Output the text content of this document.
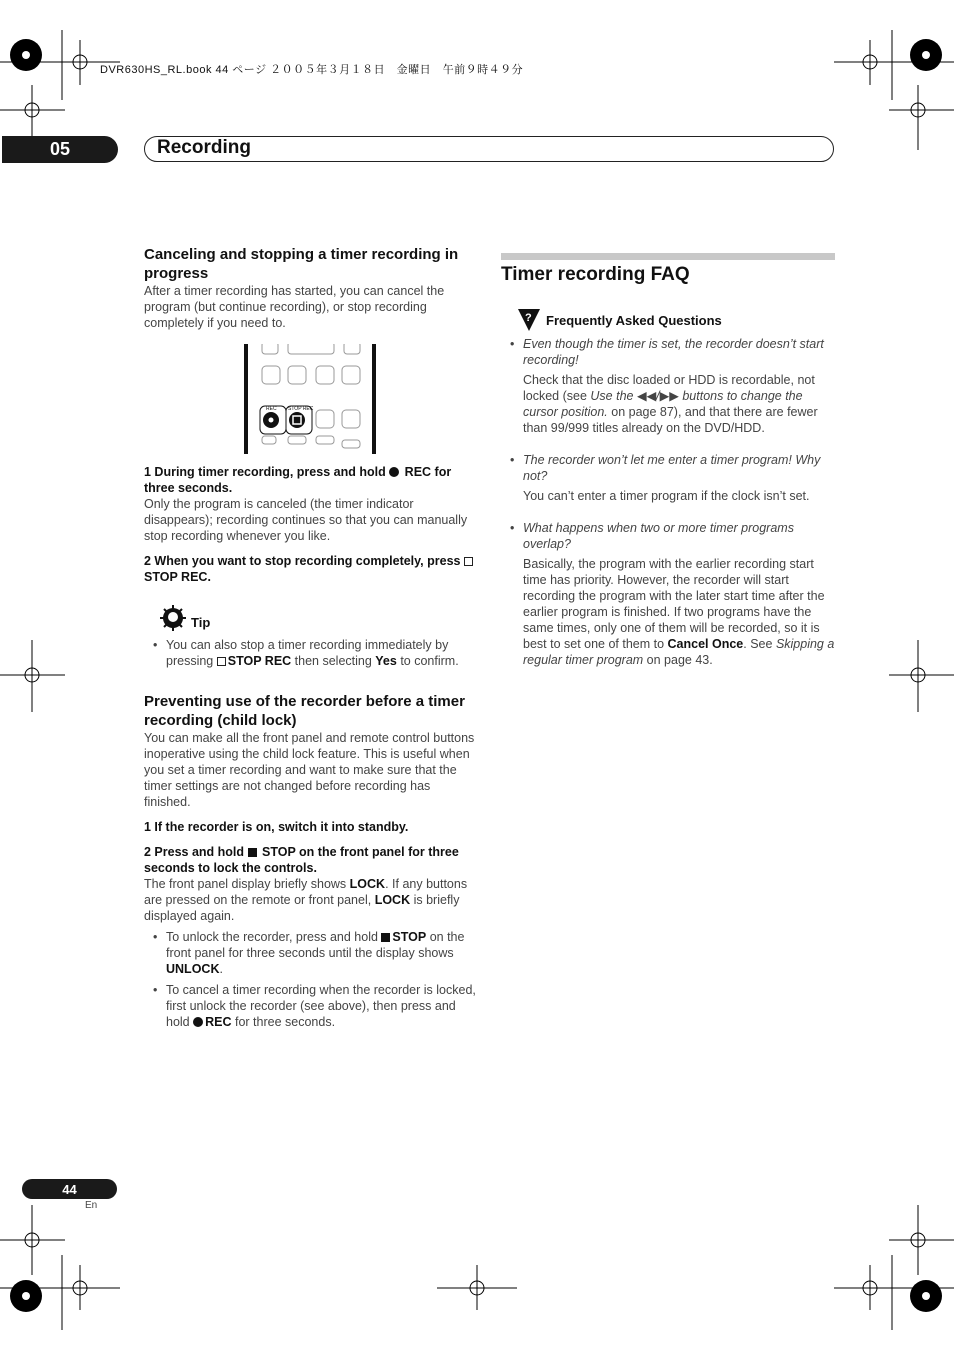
DVR630HS_RL.book 44 ページ ２００５年３月１８日　金曜日　午前９時４９分
05	Recording

Canceling and stopping a timer recording in progress

After a timer recording has started, you can cancel the program (but continue recording), or stop recording completely if you need to.

REC STOP REC
1 During timer recording, press and hold  REC for three seconds.

Only the program is canceled (the timer indicator disappears); recording continues so that you can manually stop recording whenever you like.

2 When you want to stop recording completely, press  STOP REC.
Tip
• You can also stop a timer recording immediately by pressing STOP REC then selecting Yes to confirm.

Preventing use of the recorder before a timer recording (child lock)

You can make all the front panel and remote control buttons inoperative using the child lock feature. This is useful when you set a timer recording and want to make sure that the timer settings are not changed before recording has finished.

1 If the recorder is on, switch it into standby.
2 Press and hold  STOP on the front panel for three seconds to lock the controls.

The front panel display briefly shows LOCK. If any buttons are pressed on the remote or front panel, LOCK is briefly displayed again.

• To unlock the recorder, press and hold STOP on the front panel for three seconds until the display shows UNLOCK.
• To cancel a timer recording when the recorder is locked, first unlock the recorder (see above), then press and hold REC for three seconds.
Timer recording FAQ
? Frequently Asked Questions
• Even though the timer is set, the recorder doesn’t start recording!

Check that the disc loaded or HDD is recordable, not locked (see Use the ◀◀/▶▶ buttons to change the cursor position. on page 87), and that there are fewer than 99/999 titles already on the DVD/HDD.

• The recorder won’t let me enter a timer program! Why not?

You can’t enter a timer program if the clock isn’t set.

• What happens when two or more timer programs overlap?

Basically, the program with the earlier recording start time has priority. However, the recorder will start recording the program with the later start time after the earlier program is finished. If two programs have the same times, only one of them will be recorded, so it is best to set one of them to Cancel Once. See Skipping a regular timer program on page 43.

44
En
